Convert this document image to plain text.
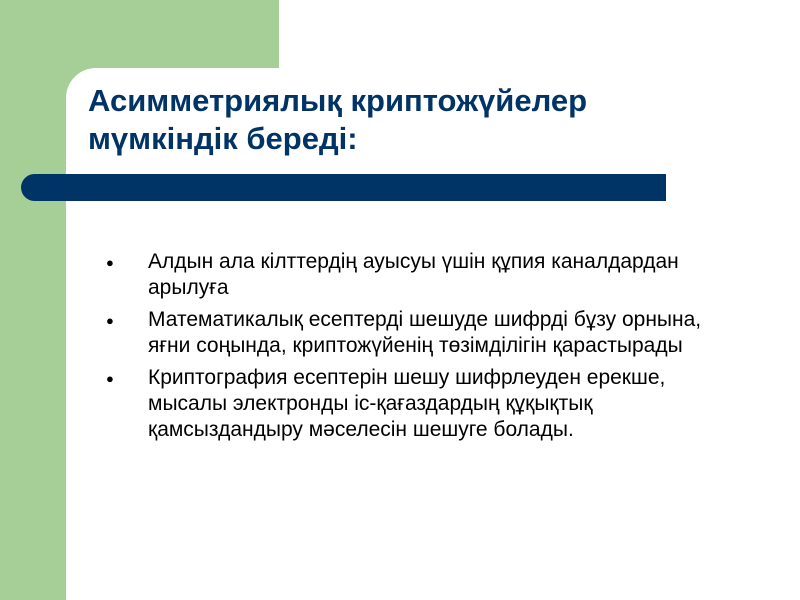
Асимметриялық криптожүйелер
мүмкіндік береді:
● Алдын ала кілттердің ауысуы үшін құпия каналдардан арылуға
● Математикалық есептерді шешуде шифрді бұзу орнына, яғни соңында, криптожүйенің төзімділігін қарастырады
● Криптография есептерін шешу шифрлеуден ерекше, мысалы электронды іс-қағаздардың құқықтық қамсыздандыру мәселесін шешуге болады.
